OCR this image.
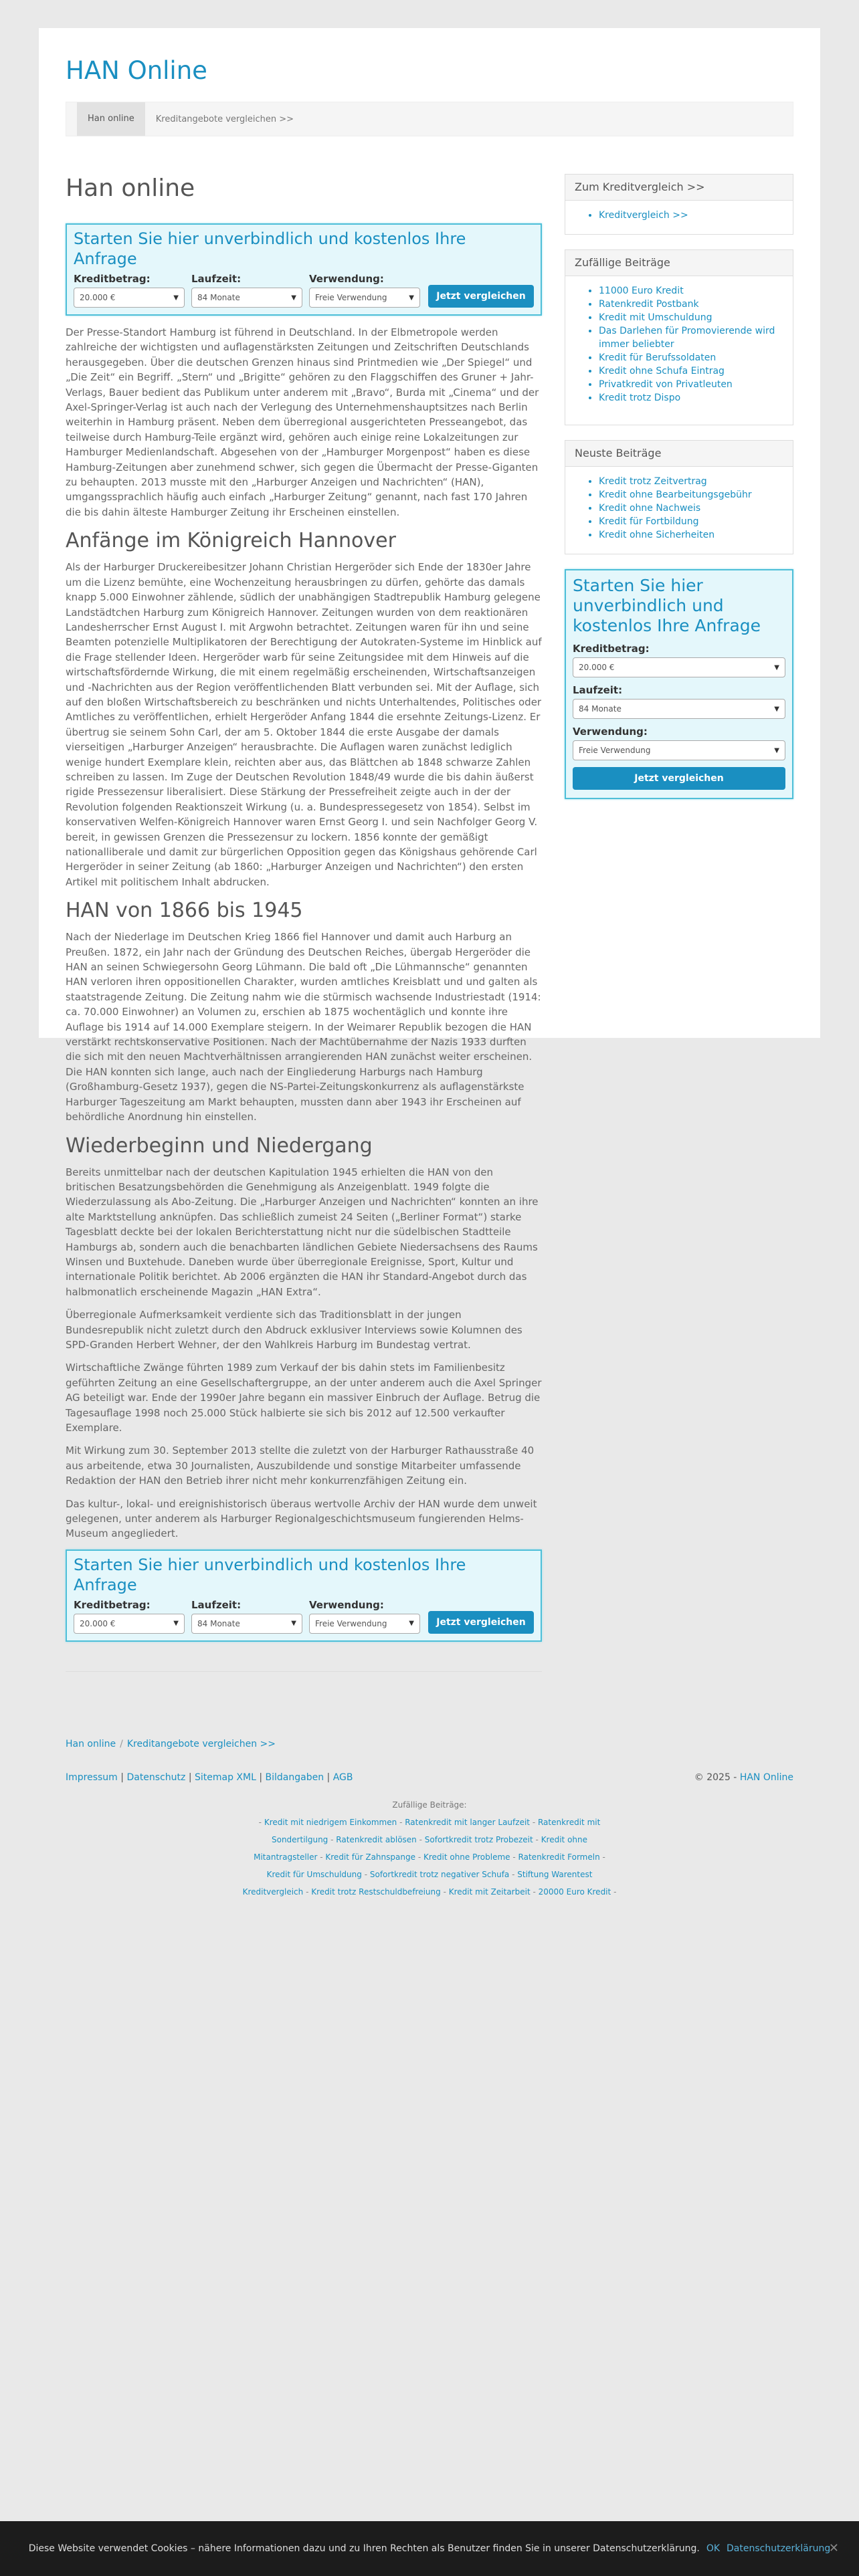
HAN Online
Han online	Kreditangebote vergleichen >>
Han online
Starten Sie hier unverbindlich und kostenlos Ihre Anfrage
Kreditbetrag:
20.000 €	▼
Laufzeit:
84 Monate	▼
Verwendung:
Freie Verwendung	▼	Jetzt vergleichen

Der Presse-Standort Hamburg ist führend in Deutschland. In der Elbmetropole werden zahlreiche der wichtigsten und auflagenstärksten Zeitungen und Zeitschriften Deutschlands herausgegeben. Über die deutschen Grenzen hinaus sind Printmedien wie „Der Spiegel“ und „Die Zeit“ ein Begriff. „Stern“ und „Brigitte“ gehören zu den Flaggschiffen des Gruner + Jahr-Verlags, Bauer bedient das Publikum unter anderem mit „Bravo“, Burda mit „Cinema“ und der Axel-Springer-Verlag ist auch nach der Verlegung des Unternehmenshauptsitzes nach Berlin weiterhin in Hamburg präsent. Neben dem überregional ausgerichteten Presseangebot, das teilweise durch Hamburg-Teile ergänzt wird, gehören auch einige reine Lokalzeitungen zur Hamburger Medienlandschaft. Abgesehen von der „Hamburger Morgenpost“ haben es diese Hamburg-Zeitungen aber zunehmend schwer, sich gegen die Übermacht der Presse-Giganten zu behaupten. 2013 musste mit den „Harburger Anzeigen und Nachrichten“ (HAN), umgangssprachlich häufig auch einfach „Harburger Zeitung“ genannt, nach fast 170 Jahren die bis dahin älteste Hamburger Zeitung ihr Erscheinen einstellen.

Anfänge im Königreich Hannover

Als der Harburger Druckereibesitzer Johann Christian Hergeröder sich Ende der 1830er Jahre um die Lizenz bemühte, eine Wochenzeitung herausbringen zu dürfen, gehörte das damals knapp 5.000 Einwohner zählende, südlich der unabhängigen Stadtrepublik Hamburg gelegene Landstädtchen Harburg zum Königreich Hannover. Zeitungen wurden von dem reaktionären Landesherrscher Ernst August I. mit Argwohn betrachtet. Zeitungen waren für ihn und seine Beamten potenzielle Multiplikatoren der Berechtigung der Autokraten-Systeme im Hinblick auf die Frage stellender Ideen. Hergeröder warb für seine Zeitungsidee mit dem Hinweis auf die wirtschaftsfördernde Wirkung, die mit einem regelmäßig erscheinenden, Wirtschaftsanzeigen und -Nachrichten aus der Region veröffentlichenden Blatt verbunden sei. Mit der Auflage, sich auf den bloßen Wirtschaftsbereich zu beschränken und nichts Unterhaltendes, Politisches oder Amtliches zu veröffentlichen, erhielt Hergeröder Anfang 1844 die ersehnte Zeitungs-Lizenz. Er übertrug sie seinem Sohn Carl, der am 5. Oktober 1844 die erste Ausgabe der damals vierseitigen „Harburger Anzeigen“ herausbrachte. Die Auflagen waren zunächst lediglich wenige hundert Exemplare klein, reichten aber aus, das Blättchen ab 1848 schwarze Zahlen schreiben zu lassen. Im Zuge der Deutschen Revolution 1848/49 wurde die bis dahin äußerst rigide Pressezensur liberalisiert. Diese Stärkung der Pressefreiheit zeigte auch in der der Revolution folgenden Reaktionszeit Wirkung (u. a. Bundespressegesetz von 1854). Selbst im konservativen Welfen-Königreich Hannover waren Ernst Georg I. und sein Nachfolger Georg V. bereit, in gewissen Grenzen die Pressezensur zu lockern. 1856 konnte der gemäßigt nationalliberale und damit zur bürgerlichen Opposition gegen das Königshaus gehörende Carl Hergeröder in seiner Zeitung (ab 1860: „Harburger Anzeigen und Nachrichten“) den ersten Artikel mit politischem Inhalt abdrucken.

HAN von 1866 bis 1945

Nach der Niederlage im Deutschen Krieg 1866 fiel Hannover und damit auch Harburg an Preußen. 1872, ein Jahr nach der Gründung des Deutschen Reiches, übergab Hergeröder die HAN an seinen Schwiegersohn Georg Lühmann. Die bald oft „Die Lühmannsche“ genannten HAN verloren ihren oppositionellen Charakter, wurden amtliches Kreisblatt und und galten als staatstragende Zeitung. Die Zeitung nahm wie die stürmisch wachsende Industriestadt (1914: ca. 70.000 Einwohner) an Volumen zu, erschien ab 1875 wochentäglich und konnte ihre Auflage bis 1914 auf 14.000 Exemplare steigern. In der Weimarer Republik bezogen die HAN verstärkt rechtskonservative Positionen. Nach der Machtübernahme der Nazis 1933 durften die sich mit den neuen Machtverhältnissen arrangierenden HAN zunächst weiter erscheinen. Die HAN konnten sich lange, auch nach der Eingliederung Harburgs nach Hamburg (Großhamburg-Gesetz 1937), gegen die NS-Partei-Zeitungskonkurrenz als auflagenstärkste Harburger Tageszeitung am Markt behaupten, mussten dann aber 1943 ihr Erscheinen auf behördliche Anordnung hin einstellen.

Wiederbeginn und Niedergang

Bereits unmittelbar nach der deutschen Kapitulation 1945 erhielten die HAN von den britischen Besatzungsbehörden die Genehmigung als Anzeigenblatt. 1949 folgte die Wiederzulassung als Abo-Zeitung. Die „Harburger Anzeigen und Nachrichten“ konnten an ihre alte Marktstellung anknüpfen. Das schließlich zumeist 24 Seiten („Berliner Format“) starke Tagesblatt deckte bei der lokalen Berichterstattung nicht nur die südelbischen Stadtteile Hamburgs ab, sondern auch die benachbarten ländlichen Gebiete Niedersachsens des Raums Winsen und Buxtehude. Daneben wurde über überregionale Ereignisse, Sport, Kultur und internationale Politik berichtet. Ab 2006 ergänzten die HAN ihr Standard-Angebot durch das halbmonatlich erscheinende Magazin „HAN Extra“.

Überregionale Aufmerksamkeit verdiente sich das Traditionsblatt in der jungen Bundesrepublik nicht zuletzt durch den Abdruck exklusiver Interviews sowie Kolumnen des SPD-Granden Herbert Wehner, der den Wahlkreis Harburg im Bundestag vertrat.

Wirtschaftliche Zwänge führten 1989 zum Verkauf der bis dahin stets im Familienbesitz geführten Zeitung an eine Gesellschaftergruppe, an der unter anderem auch die Axel Springer AG beteiligt war. Ende der 1990er Jahre begann ein massiver Einbruch der Auflage. Betrug die Tagesauflage 1998 noch 25.000 Stück halbierte sie sich bis 2012 auf 12.500 verkaufter Exemplare.

Mit Wirkung zum 30. September 2013 stellte die zuletzt von der Harburger Rathausstraße 40 aus arbeitende, etwa 30 Journalisten, Auszubildende und sonstige Mitarbeiter umfassende Redaktion der HAN den Betrieb ihrer nicht mehr konkurrenzfähigen Zeitung ein.

Das kultur-, lokal- und ereignishistorisch überaus wertvolle Archiv der HAN wurde dem unweit gelegenen, unter anderem als Harburger Regionalgeschichtsmuseum fungierenden Helms-Museum angegliedert.

Starten Sie hier unverbindlich und kostenlos Ihre Anfrage
Kreditbetrag:
20.000 €	▼
Laufzeit:
84 Monate	▼
Verwendung:
Freie Verwendung	▼	Jetzt vergleichen
Zum Kreditvergleich >>
• Kreditvergleich >>
Zufällige Beiträge
• 11000 Euro Kredit
• Ratenkredit Postbank
• Kredit mit Umschuldung
• Das Darlehen für Promovierende wird immer beliebter
• Kredit für Berufssoldaten
• Kredit ohne Schufa Eintrag
• Privatkredit von Privatleuten
• Kredit trotz Dispo
Neuste Beiträge
• Kredit trotz Zeitvertrag
• Kredit ohne Bearbeitungsgebühr
• Kredit ohne Nachweis
• Kredit für Fortbildung
• Kredit ohne Sicherheiten
Starten Sie hier unverbindlich und kostenlos Ihre Anfrage
Kreditbetrag:
20.000 €	▼
Laufzeit:
84 Monate	▼
Verwendung:
Freie Verwendung	▼
Jetzt vergleichen
Han online / Kreditangebote vergleichen >>
Impressum | Datenschutz | Sitemap XML | Bildangaben | AGB	© 2025 - HAN Online
Zufällige Beiträge:
- Kredit mit niedrigem Einkommen - Ratenkredit mit langer Laufzeit - Ratenkredit mit Sondertilgung - Ratenkredit ablösen - Sofortkredit trotz Probezeit - Kredit ohne Mitantragsteller - Kredit für Zahnspange - Kredit ohne Probleme - Ratenkredit Formeln - Kredit für Umschuldung - Sofortkredit trotz negativer Schufa - Stiftung Warentest Kreditvergleich - Kredit trotz Restschuldbefreiung - Kredit mit Zeitarbeit - 20000 Euro Kredit -
Diese Website verwendet Cookies – nähere Informationen dazu und zu Ihren Rechten als Benutzer finden Sie in unserer Datenschutzerklärung. OK Datenschutzerklärung
✕
